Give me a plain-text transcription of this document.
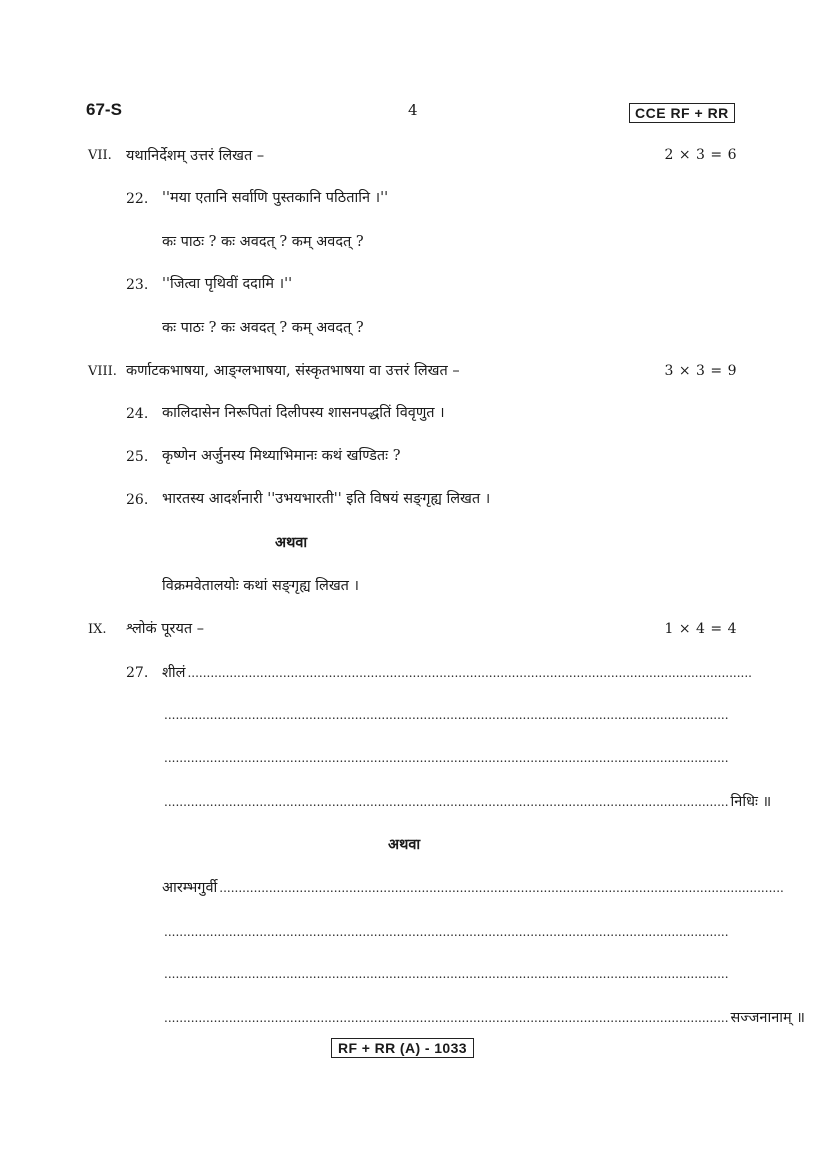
67-S	4	CCE RF + RR
VII. यथानिर्देशम् उत्तरं लिखत –	2 × 3 = 6
22. ''मया एतानि सर्वाणि पुस्तकानि पठितानि ।''
कः पाठः ? कः अवदत् ? कम् अवदत् ?
23. ''जित्वा पृथिवीं ददामि ।''
कः पाठः ? कः अवदत् ? कम् अवदत् ?
VIII. कर्णाटकभाषया, आङ्ग्लभाषया, संस्कृतभाषया वा उत्तरं लिखत –	3 × 3 = 9
24. कालिदासेन निरूपितां दिलीपस्य शासनपद्धतिं विवृणुत ।
25. कृष्णेन अर्जुनस्य मिथ्याभिमानः कथं खण्डितः ?
26. भारतस्य आदर्शनारी ''उभयभारती'' इति विषयं सङ्गृह्य लिखत ।
अथवा
विक्रमवेतालयोः कथां सङ्गृह्य लिखत ।
IX. श्लोकं पूरयत –	1 × 4 = 4
27. शीलं ....................................................................................................................................................
....................................................................................................................................................
....................................................................................................................................................
.................................................................................................................................................... निधिः ॥
अथवा
आरम्भगुर्वी ....................................................................................................................................................
....................................................................................................................................................
....................................................................................................................................................
.................................................................................................................................................... सज्जनानाम् ॥
RF + RR (A) - 1033
